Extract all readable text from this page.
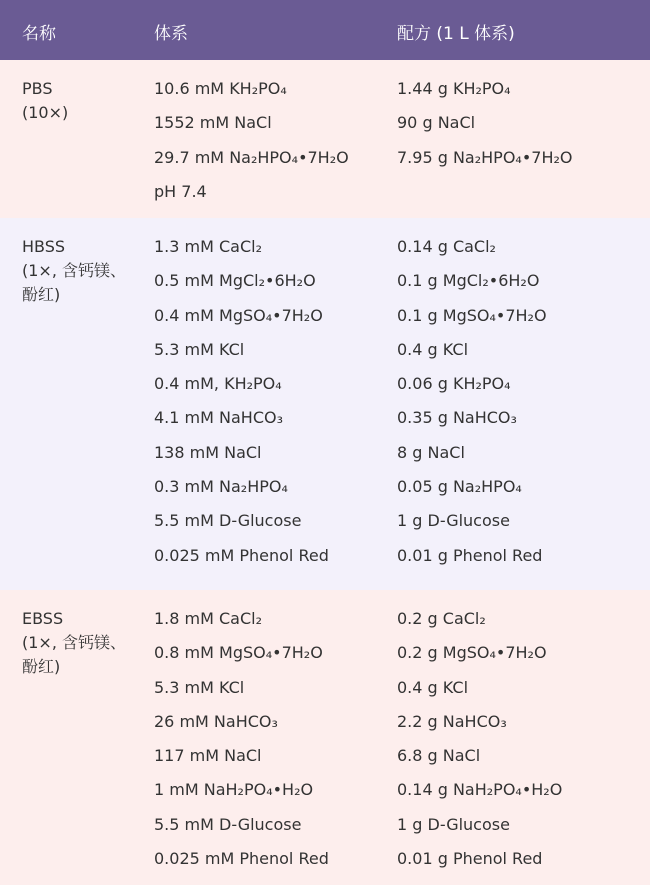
名称	体系	配方 (1 L 体系)
PBS
(10×)
10.6 mM KH₂PO₄
1552 mM NaCl
29.7 mM Na₂HPO₄•7H₂O
pH 7.4
1.44 g KH₂PO₄
90 g NaCl
7.95 g Na₂HPO₄•7H₂O
HBSS
(1×, 含钙镁、
酚红)
1.3 mM CaCl₂
0.5 mM MgCl₂•6H₂O
0.4 mM MgSO₄•7H₂O
5.3 mM KCl
0.4 mM, KH₂PO₄
4.1 mM NaHCO₃
138 mM NaCl
0.3 mM Na₂HPO₄
5.5 mM D-Glucose
0.025 mM Phenol Red
0.14 g CaCl₂
0.1 g MgCl₂•6H₂O
0.1 g MgSO₄•7H₂O
0.4 g KCl
0.06 g KH₂PO₄
0.35 g NaHCO₃
8 g NaCl
0.05 g Na₂HPO₄
1 g D-Glucose
0.01 g Phenol Red
EBSS
(1×, 含钙镁、
酚红)
1.8 mM CaCl₂
0.8 mM MgSO₄•7H₂O
5.3 mM KCl
26 mM NaHCO₃
117 mM NaCl
1 mM NaH₂PO₄•H₂O
5.5 mM D-Glucose
0.025 mM Phenol Red
0.2 g CaCl₂
0.2 g MgSO₄•7H₂O
0.4 g KCl
2.2 g NaHCO₃
6.8 g NaCl
0.14 g NaH₂PO₄•H₂O
1 g D-Glucose
0.01 g Phenol Red
